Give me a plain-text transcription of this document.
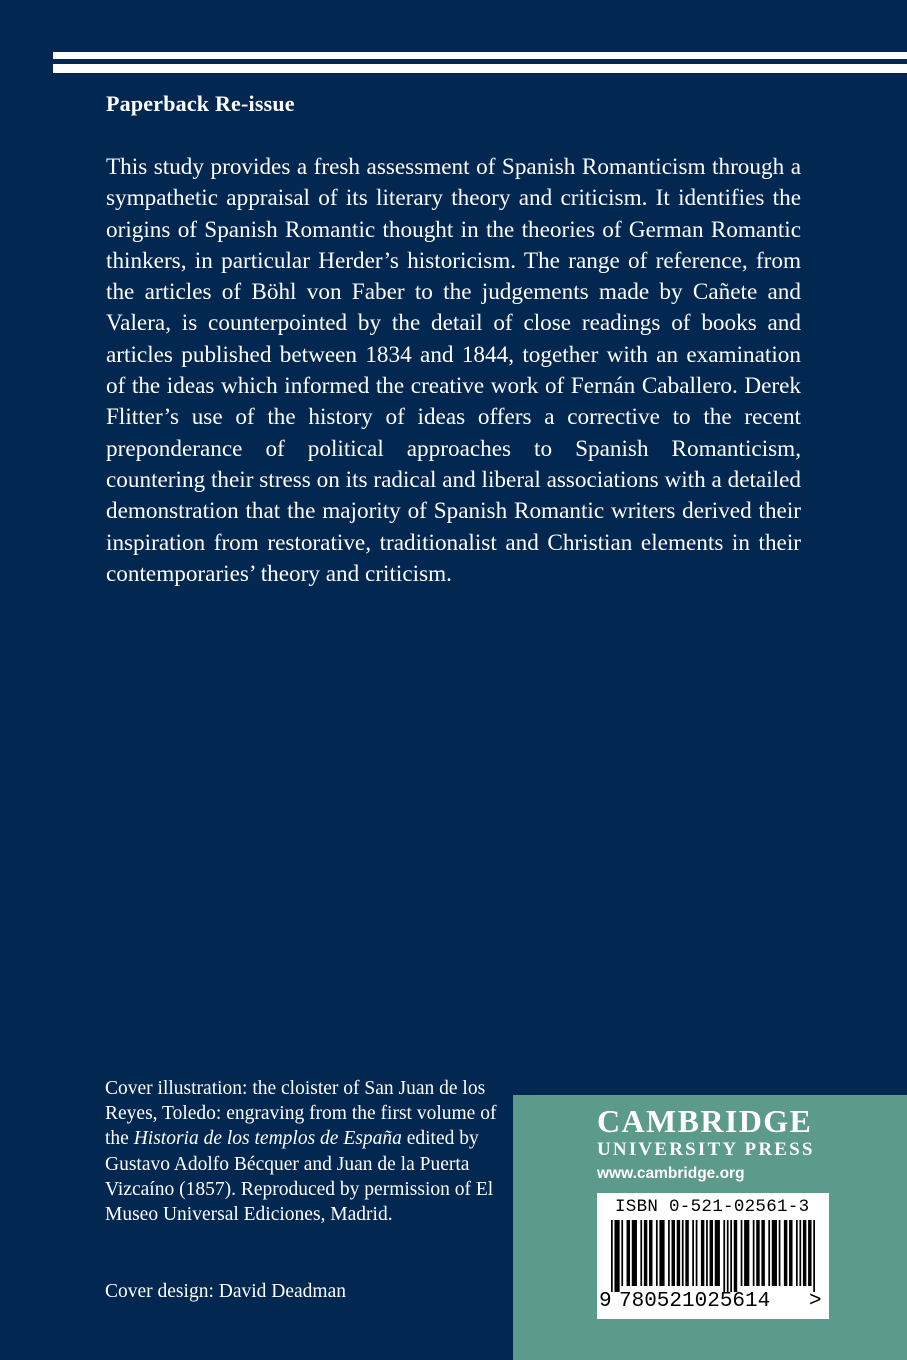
Paperback Re-issue

This study provides a fresh assessment of Spanish Romanticism through a sympathetic appraisal of its literary theory and criticism. It identifies the origins of Spanish Romantic thought in the theories of German Romantic thinkers, in particular Herder’s historicism. The range of reference, from the articles of Böhl von Faber to the judgements made by Cañete and Valera, is counterpointed by the detail of close readings of books and articles published between 1834 and 1844, together with an examination of the ideas which informed the creative work of Fernán Caballero. Derek Flitter’s use of the history of ideas offers a corrective to the recent preponderance of political approaches to Spanish Romanticism, countering their stress on its radical and liberal associations with a detailed demonstration that the majority of Spanish Romantic writers derived their inspiration from restorative, traditionalist and Christian elements in their contemporaries’ theory and criticism.

Cover illustration: the cloister of San Juan de los Reyes, Toledo: engraving from the first volume of the Historia de los templos de España edited by Gustavo Adolfo Bécquer and Juan de la Puerta Vizcaíno (1857). Reproduced by permission of El Museo Universal Ediciones, Madrid.

Cover design: David Deadman
CAMBRIDGE
UNIVERSITY PRESS
www.cambridge.org
ISBN 0-521-02561-3
9 780521025614 >
